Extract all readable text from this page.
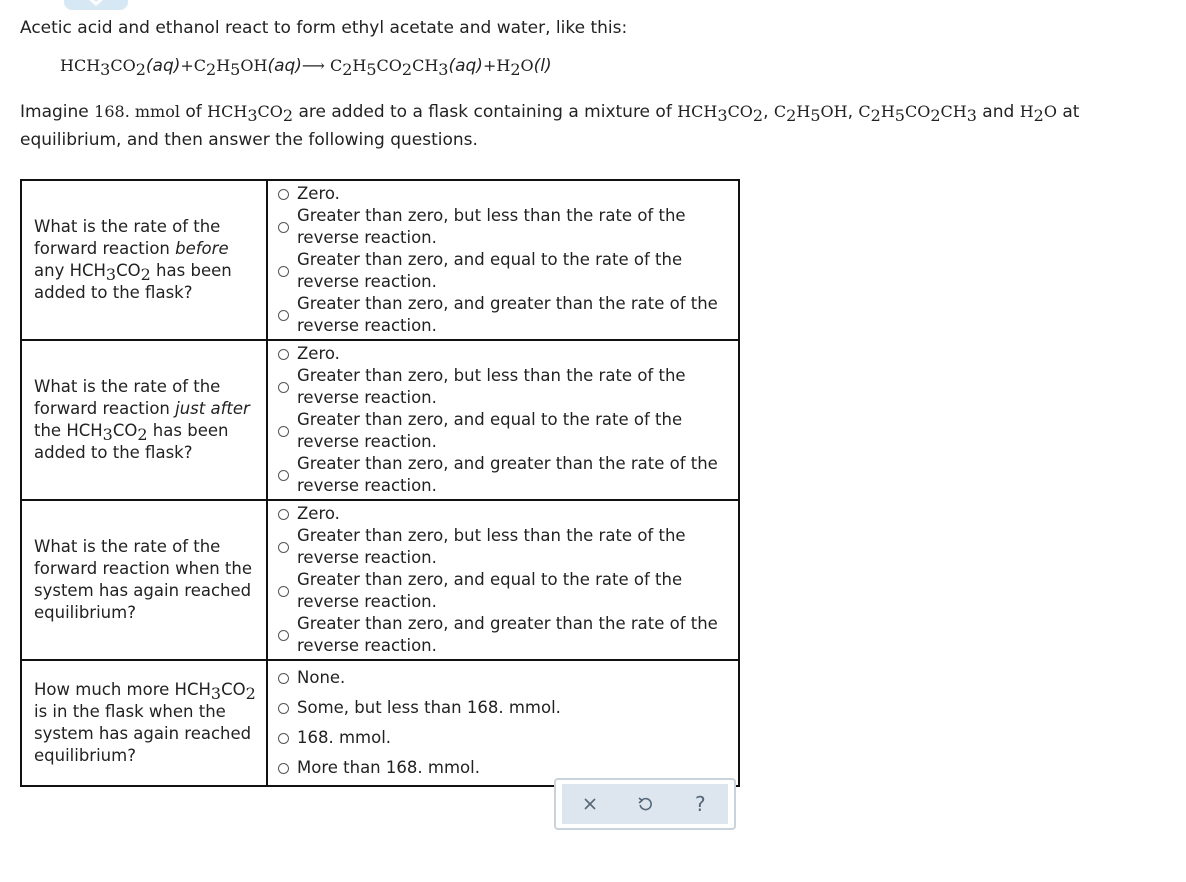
Acetic acid and ethanol react to form ethyl acetate and water, like this:
$HCH_3CO_2(aq)+C_2H_5OH(aq)⟶$ $C_2H_5CO_2CH_3(aq)+H_2O(l)$
Imagine 168. mmol of $HCH_3CO_2$ are added to a flask containing a mixture of $HCH_3CO_2$, $C_2H_5OH$, $C_2H_5CO_2CH_3$ and $H_2O$ at equilibrium, and then answer the following questions.
What is the rate of the forward reaction before any $HCH_3CO_2$ has been added to the flask?	Zero.
Greater than zero, but less than the rate of the reverse reaction.
Greater than zero, and equal to the rate of the reverse reaction.
Greater than zero, and greater than the rate of the reverse reaction.

What is the rate of the forward reaction just after the $HCH_3CO_2$ has been added to the flask?	Zero.
Greater than zero, but less than the rate of the reverse reaction.
Greater than zero, and equal to the rate of the reverse reaction.
Greater than zero, and greater than the rate of the reverse reaction.

What is the rate of the forward reaction when the system has again reached equilibrium?	Zero.
Greater than zero, but less than the rate of the reverse reaction.
Greater than zero, and equal to the rate of the reverse reaction.
Greater than zero, and greater than the rate of the reverse reaction.

How much more $HCH_3CO_2$ is in the flask when the system has again reached equilibrium?	None.
Some, but less than 168. mmol.
168. mmol.
More than 168. mmol.
?
